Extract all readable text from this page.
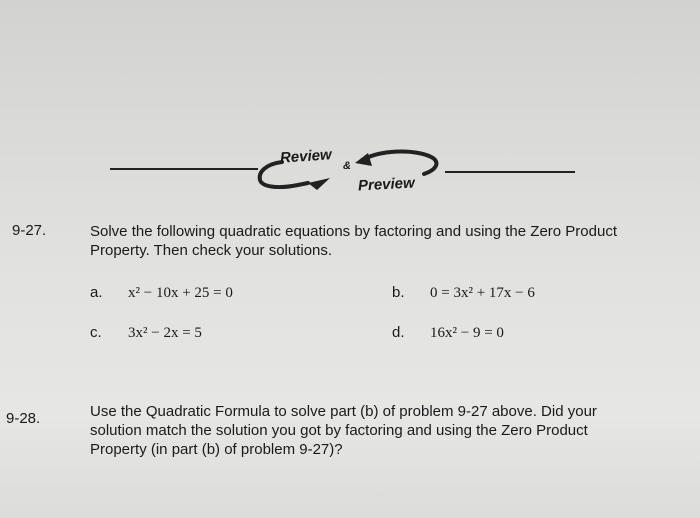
Review &
Preview
9-27.	Solve the following quadratic equations by factoring and using the Zero Product
Property. Then check your solutions.
a. x² − 10x + 25 = 0	b. 0 = 3x² + 17x − 6
c. 3x² − 2x = 5	d. 16x² − 9 = 0
9-28.	Use the Quadratic Formula to solve part (b) of problem 9-27 above. Did your
solution match the solution you got by factoring and using the Zero Product
Property (in part (b) of problem 9-27)?
